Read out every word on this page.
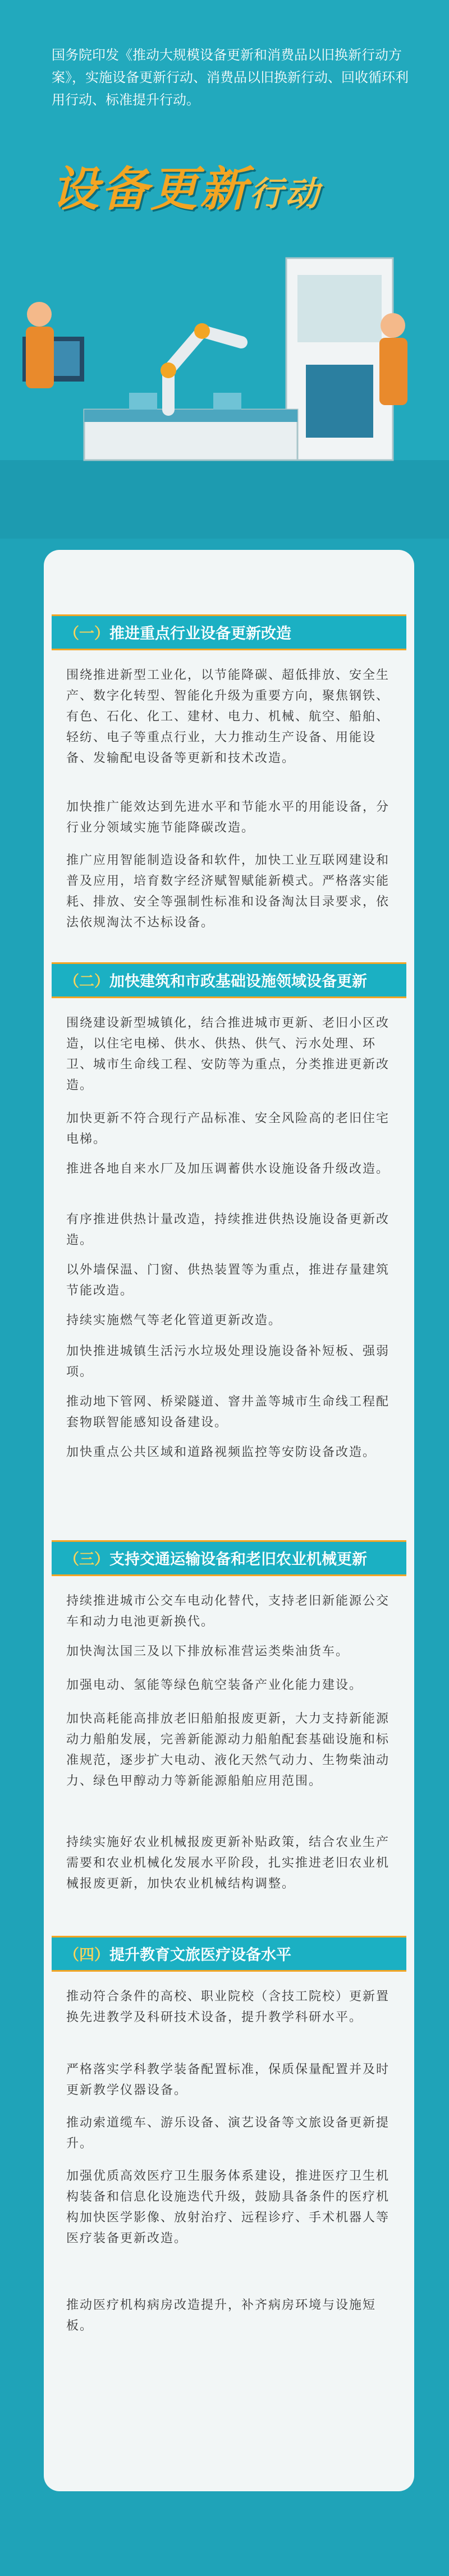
国务院印发《推动大规模设备更新和消费品以旧换新行动方案》，实施设备更新行动、消费品以旧换新行动、回收循环利用行动、标准提升行动。
设备更新行动
（一）推进重点行业设备更新改造
围绕推进新型工业化，以节能降碳、超低排放、安全生产、数字化转型、智能化升级为重要方向，聚焦钢铁、有色、石化、化工、建材、电力、机械、航空、船舶、轻纺、电子等重点行业，大力推动生产设备、用能设备、发输配电设备等更新和技术改造。
加快推广能效达到先进水平和节能水平的用能设备，分行业分领域实施节能降碳改造。
推广应用智能制造设备和软件，加快工业互联网建设和普及应用，培育数字经济赋智赋能新模式。严格落实能耗、排放、安全等强制性标准和设备淘汰目录要求，依法依规淘汰不达标设备。
（二）加快建筑和市政基础设施领域设备更新
围绕建设新型城镇化，结合推进城市更新、老旧小区改造，以住宅电梯、供水、供热、供气、污水处理、环卫、城市生命线工程、安防等为重点，分类推进更新改造。
加快更新不符合现行产品标准、安全风险高的老旧住宅电梯。
推进各地自来水厂及加压调蓄供水设施设备升级改造。
有序推进供热计量改造，持续推进供热设施设备更新改造。
以外墙保温、门窗、供热装置等为重点，推进存量建筑节能改造。
持续实施燃气等老化管道更新改造。
加快推进城镇生活污水垃圾处理设施设备补短板、强弱项。
推动地下管网、桥梁隧道、窨井盖等城市生命线工程配套物联智能感知设备建设。
加快重点公共区域和道路视频监控等安防设备改造。
（三）支持交通运输设备和老旧农业机械更新
持续推进城市公交车电动化替代，支持老旧新能源公交车和动力电池更新换代。
加快淘汰国三及以下排放标准营运类柴油货车。
加强电动、氢能等绿色航空装备产业化能力建设。
加快高耗能高排放老旧船舶报废更新，大力支持新能源动力船舶发展，完善新能源动力船舶配套基础设施和标准规范，逐步扩大电动、液化天然气动力、生物柴油动力、绿色甲醇动力等新能源船舶应用范围。
持续实施好农业机械报废更新补贴政策，结合农业生产需要和农业机械化发展水平阶段，扎实推进老旧农业机械报废更新，加快农业机械结构调整。
（四）提升教育文旅医疗设备水平
推动符合条件的高校、职业院校（含技工院校）更新置换先进教学及科研技术设备，提升教学科研水平。
严格落实学科教学装备配置标准，保质保量配置并及时更新教学仪器设备。
推动索道缆车、游乐设备、演艺设备等文旅设备更新提升。
加强优质高效医疗卫生服务体系建设，推进医疗卫生机构装备和信息化设施迭代升级，鼓励具备条件的医疗机构加快医学影像、放射治疗、远程诊疗、手术机器人等医疗装备更新改造。
推动医疗机构病房改造提升，补齐病房环境与设施短板。
